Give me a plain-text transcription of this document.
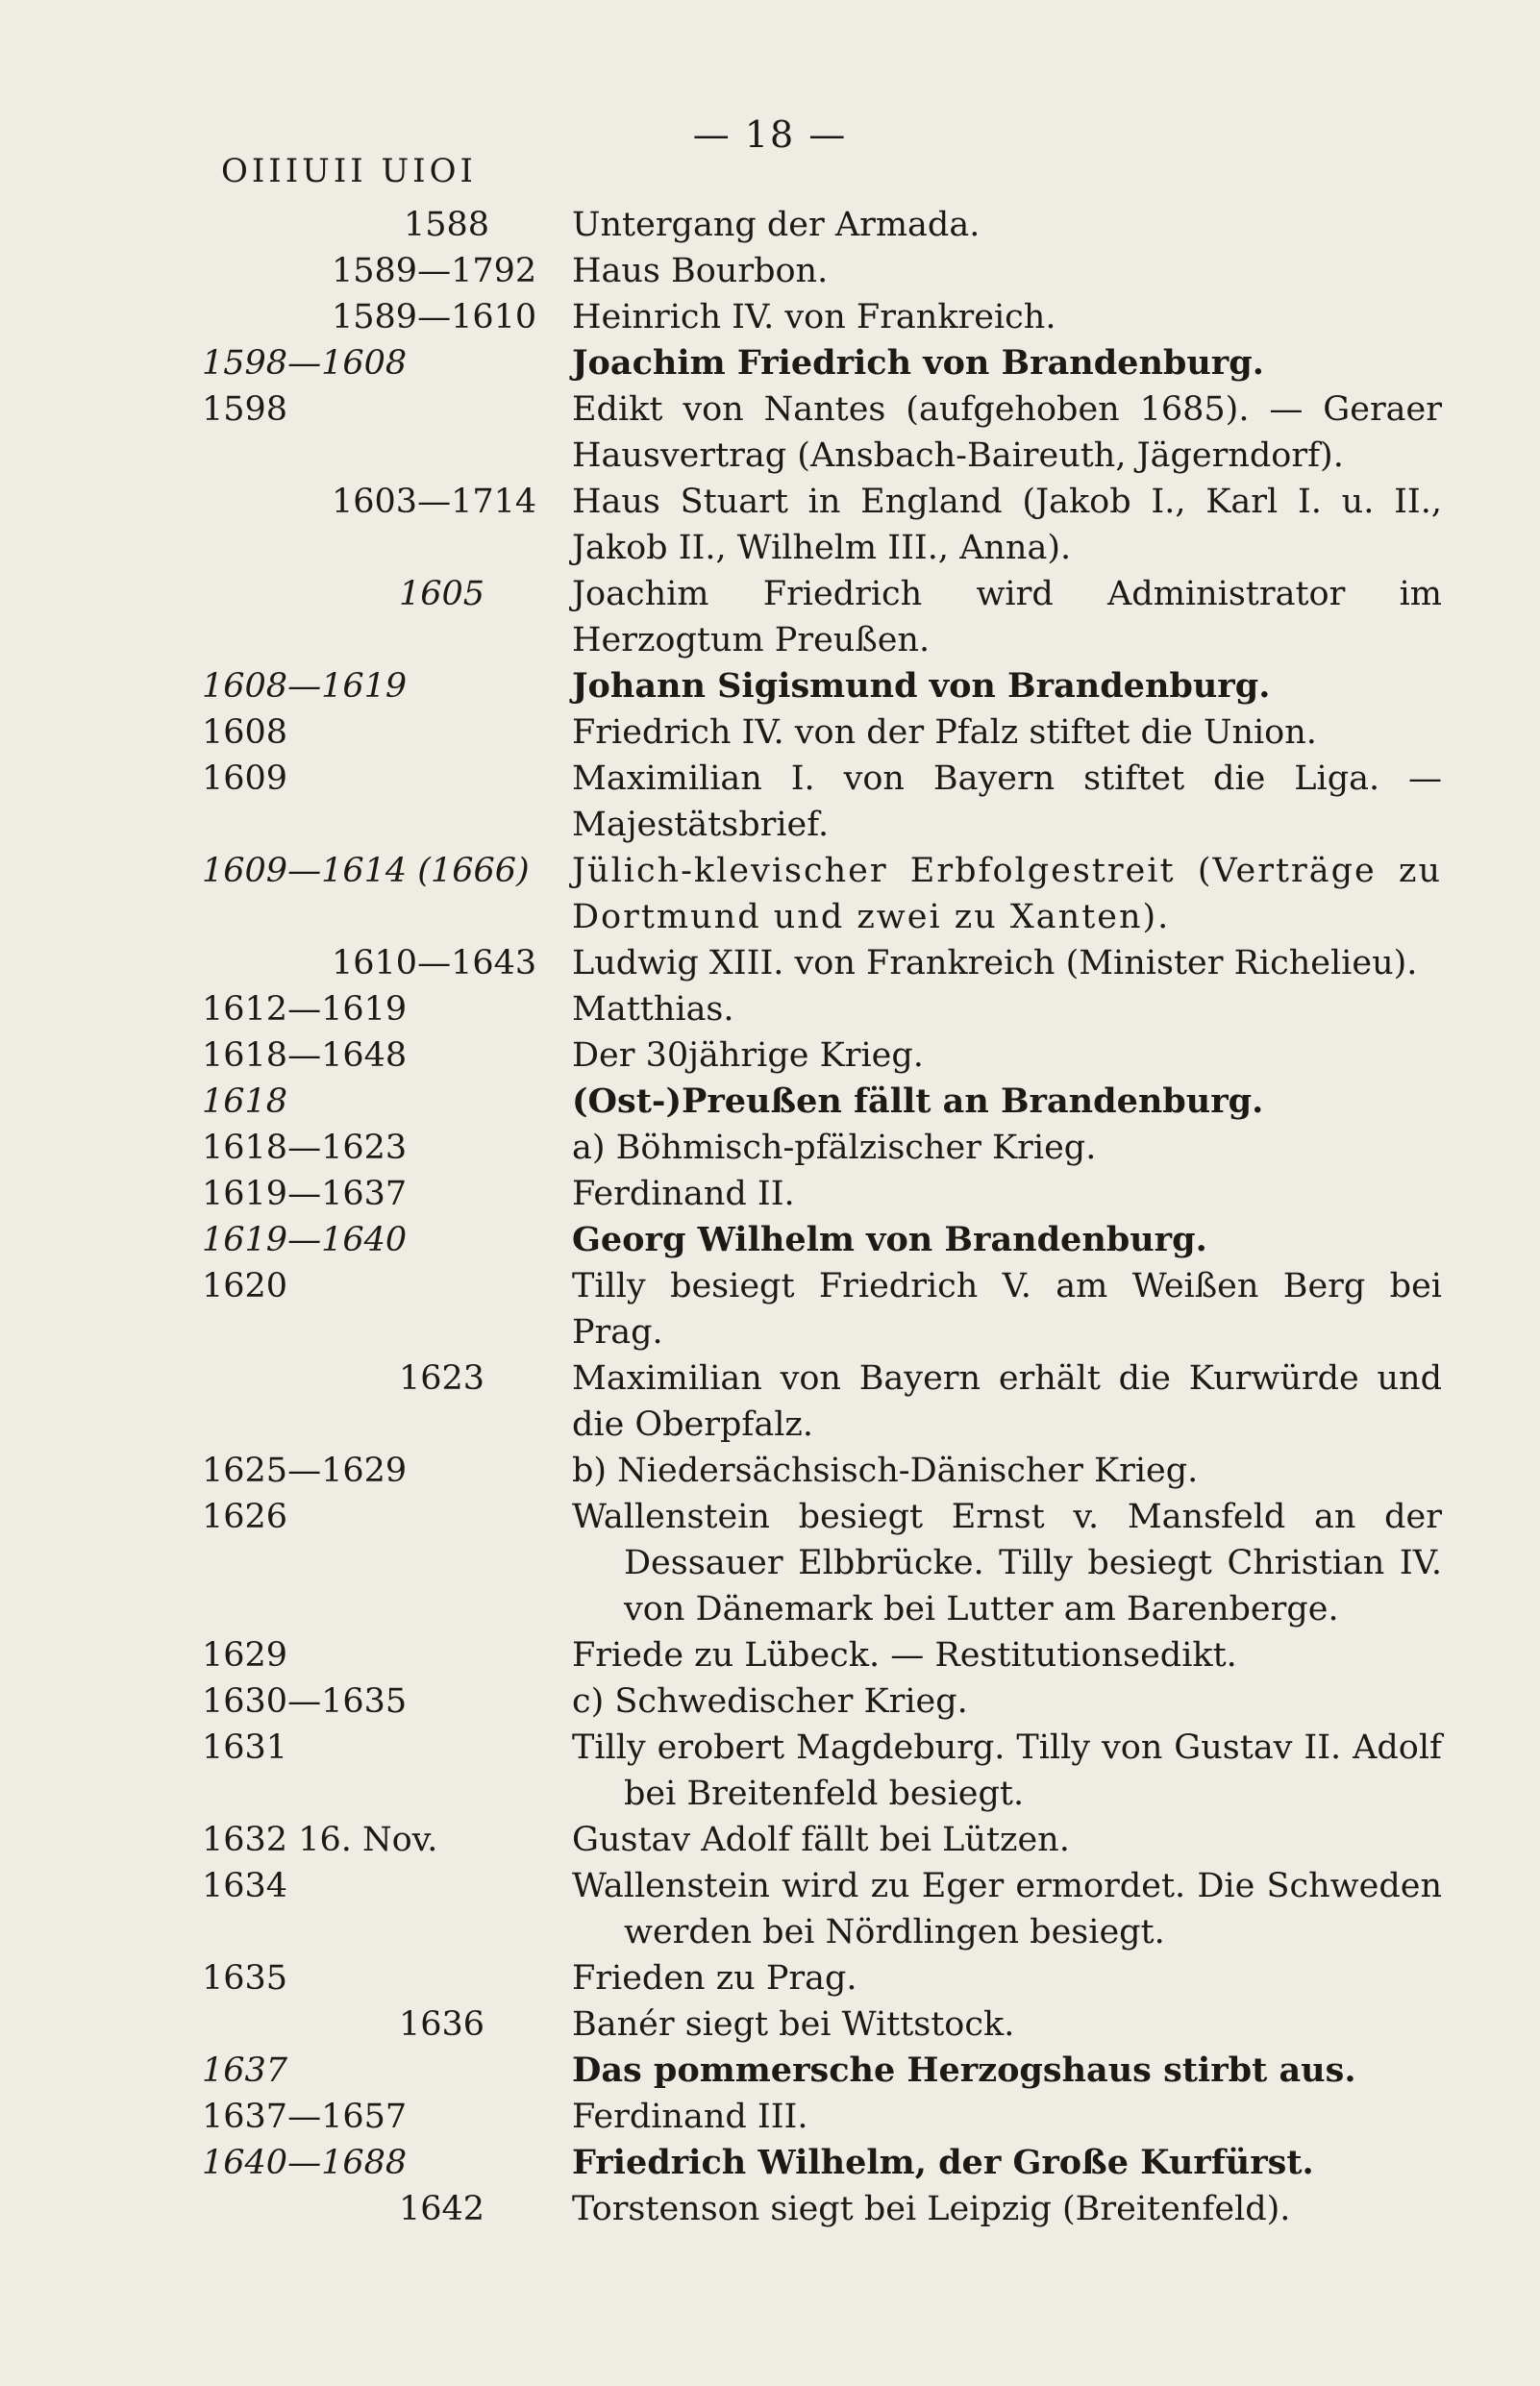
— 18 —
OIIIUII UIOI
1588 Untergang der Armada.
1589—1792 Haus Bourbon.
1589—1610 Heinrich IV. von Frankreich.
1598—1608	Joachim Friedrich von Brandenburg.
1598	Edikt von Nantes (aufgehoben 1685). — Geraer Hausvertrag (Ansbach-Baireuth, Jägerndorf).
1603—1714 Haus Stuart in England (Jakob I., Karl I. u. II., Jakob II., Wilhelm III., Anna).
1605	Joachim Friedrich wird Administrator im Herzogtum Preußen.
1608—1619	Johann Sigismund von Brandenburg.
1608	Friedrich IV. von der Pfalz stiftet die Union.
1609	Maximilian I. von Bayern stiftet die Liga. — Majestätsbrief.
1609—1614 (1666) Jülich-klevischer Erbfolgestreit (Verträge zu Dortmund und zwei zu Xanten).
1610—1643 Ludwig XIII. von Frankreich (Minister Richelieu).
1612—1619	Matthias.
1618—1648	Der 30jährige Krieg.
1618	(Ost-)Preußen fällt an Brandenburg.
1618—1623	a) Böhmisch-pfälzischer Krieg.
1619—1637	Ferdinand II.
1619—1640	Georg Wilhelm von Brandenburg.
1620	Tilly besiegt Friedrich V. am Weißen Berg bei Prag.
1623	Maximilian von Bayern erhält die Kurwürde und die Oberpfalz.
1625—1629	b) Niedersächsisch-Dänischer Krieg.
1626	Wallenstein besiegt Ernst v. Mansfeld an der Dessauer Elbbrücke. Tilly besiegt Christian IV. von Dänemark bei Lutter am Barenberge.
1629	Friede zu Lübeck. — Restitutionsedikt.
1630—1635	c) Schwedischer Krieg.
1631	Tilly erobert Magdeburg. Tilly von Gustav II. Adolf bei Breitenfeld besiegt.
1632 16. Nov.	Gustav Adolf fällt bei Lützen.
1634	Wallenstein wird zu Eger ermordet. Die Schweden werden bei Nördlingen besiegt.
1635	Frieden zu Prag.
1636	Banér siegt bei Wittstock.
1637	Das pommersche Herzogshaus stirbt aus.
1637—1657	Ferdinand III.
1640—1688	Friedrich Wilhelm, der Große Kurfürst.
1642	Torstenson siegt bei Leipzig (Breitenfeld).
